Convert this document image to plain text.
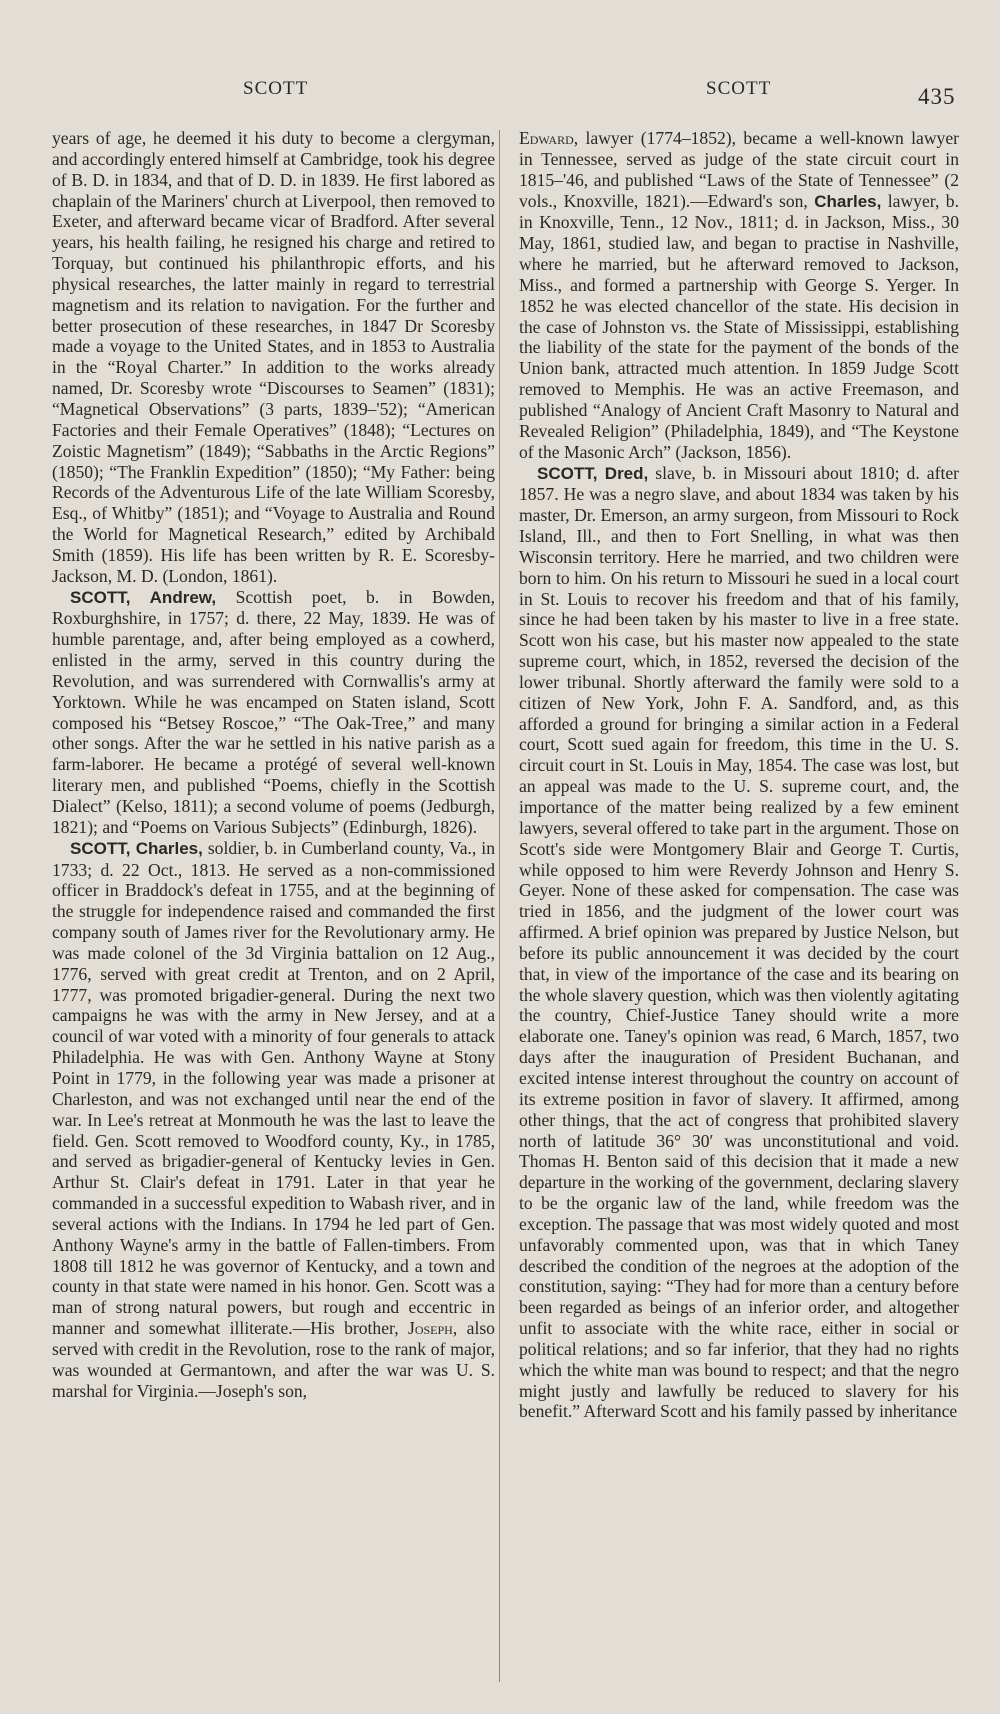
SCOTT	SCOTT	435

years of age, he deemed it his duty to become a clergyman, and accordingly entered himself at Cambridge, took his degree of B. D. in 1834, and that of D. D. in 1839. He first labored as chaplain of the Mariners' church at Liverpool, then removed to Exeter, and afterward became vicar of Bradford. After several years, his health failing, he resigned his charge and retired to Torquay, but continued his philanthropic efforts, and his physical researches, the latter mainly in regard to terrestrial magnetism and its relation to navigation. For the further and better prosecution of these researches, in 1847 Dr Scoresby made a voyage to the United States, and in 1853 to Australia in the “Royal Charter.” In addition to the works already named, Dr. Scoresby wrote “Discourses to Seamen” (1831); “Magnetical Observations” (3 parts, 1839–'52); “American Factories and their Female Operatives” (1848); “Lectures on Zoistic Magnetism” (1849); “Sabbaths in the Arctic Regions” (1850); “The Franklin Expedition” (1850); “My Father: being Records of the Adventurous Life of the late William Scoresby, Esq., of Whitby” (1851); and “Voyage to Australia and Round the World for Magnetical Research,” edited by Archibald Smith (1859). His life has been written by R. E. Scoresby-Jackson, M. D. (London, 1861).

SCOTT, Andrew, Scottish poet, b. in Bowden, Roxburghshire, in 1757; d. there, 22 May, 1839. He was of humble parentage, and, after being employed as a cowherd, enlisted in the army, served in this country during the Revolution, and was surrendered with Cornwallis's army at Yorktown. While he was encamped on Staten island, Scott composed his “Betsey Roscoe,” “The Oak-Tree,” and many other songs. After the war he settled in his native parish as a farm-laborer. He became a protégé of several well-known literary men, and published “Poems, chiefly in the Scottish Dialect” (Kelso, 1811); a second volume of poems (Jedburgh, 1821); and “Poems on Various Subjects” (Edinburgh, 1826).

SCOTT, Charles, soldier, b. in Cumberland county, Va., in 1733; d. 22 Oct., 1813. He served as a non-commissioned officer in Braddock's defeat in 1755, and at the beginning of the struggle for independence raised and commanded the first company south of James river for the Revolutionary army. He was made colonel of the 3d Virginia battalion on 12 Aug., 1776, served with great credit at Trenton, and on 2 April, 1777, was promoted brigadier-general. During the next two campaigns he was with the army in New Jersey, and at a council of war voted with a minority of four generals to attack Philadelphia. He was with Gen. Anthony Wayne at Stony Point in 1779, in the following year was made a prisoner at Charleston, and was not exchanged until near the end of the war. In Lee's retreat at Monmouth he was the last to leave the field. Gen. Scott removed to Woodford county, Ky., in 1785, and served as brigadier-general of Kentucky levies in Gen. Arthur St. Clair's defeat in 1791. Later in that year he commanded in a successful expedition to Wabash river, and in several actions with the Indians. In 1794 he led part of Gen. Anthony Wayne's army in the battle of Fallen-timbers. From 1808 till 1812 he was governor of Kentucky, and a town and county in that state were named in his honor. Gen. Scott was a man of strong natural powers, but rough and eccentric in manner and somewhat illiterate.—His brother, Joseph, also served with credit in the Revolution, rose to the rank of major, was wounded at Germantown, and after the war was U. S. marshal for Virginia.—Joseph's son,

Edward, lawyer (1774–1852), became a well-known lawyer in Tennessee, served as judge of the state circuit court in 1815–'46, and published “Laws of the State of Tennessee” (2 vols., Knoxville, 1821).—Edward's son, Charles, lawyer, b. in Knoxville, Tenn., 12 Nov., 1811; d. in Jackson, Miss., 30 May, 1861, studied law, and began to practise in Nashville, where he married, but he afterward removed to Jackson, Miss., and formed a partnership with George S. Yerger. In 1852 he was elected chancellor of the state. His decision in the case of Johnston vs. the State of Mississippi, establishing the liability of the state for the payment of the bonds of the Union bank, attracted much attention. In 1859 Judge Scott removed to Memphis. He was an active Freemason, and published “Analogy of Ancient Craft Masonry to Natural and Revealed Religion” (Philadelphia, 1849), and “The Keystone of the Masonic Arch” (Jackson, 1856).

SCOTT, Dred, slave, b. in Missouri about 1810; d. after 1857. He was a negro slave, and about 1834 was taken by his master, Dr. Emerson, an army surgeon, from Missouri to Rock Island, Ill., and then to Fort Snelling, in what was then Wisconsin territory. Here he married, and two children were born to him. On his return to Missouri he sued in a local court in St. Louis to recover his freedom and that of his family, since he had been taken by his master to live in a free state. Scott won his case, but his master now appealed to the state supreme court, which, in 1852, reversed the decision of the lower tribunal. Shortly afterward the family were sold to a citizen of New York, John F. A. Sandford, and, as this afforded a ground for bringing a similar action in a Federal court, Scott sued again for freedom, this time in the U. S. circuit court in St. Louis in May, 1854. The case was lost, but an appeal was made to the U. S. supreme court, and, the importance of the matter being realized by a few eminent lawyers, several offered to take part in the argument. Those on Scott's side were Montgomery Blair and George T. Curtis, while opposed to him were Reverdy Johnson and Henry S. Geyer. None of these asked for compensation. The case was tried in 1856, and the judgment of the lower court was affirmed. A brief opinion was prepared by Justice Nelson, but before its public announcement it was decided by the court that, in view of the importance of the case and its bearing on the whole slavery question, which was then violently agitating the country, Chief-Justice Taney should write a more elaborate one. Taney's opinion was read, 6 March, 1857, two days after the inauguration of President Buchanan, and excited intense interest throughout the country on account of its extreme position in favor of slavery. It affirmed, among other things, that the act of congress that prohibited slavery north of latitude 36° 30′ was unconstitutional and void. Thomas H. Benton said of this decision that it made a new departure in the working of the government, declaring slavery to be the organic law of the land, while freedom was the exception. The passage that was most widely quoted and most unfavorably commented upon, was that in which Taney described the condition of the negroes at the adoption of the constitution, saying: “They had for more than a century before been regarded as beings of an inferior order, and altogether unfit to associate with the white race, either in social or political relations; and so far inferior, that they had no rights which the white man was bound to respect; and that the negro might justly and lawfully be reduced to slavery for his benefit.” Afterward Scott and his family passed by inheritance
